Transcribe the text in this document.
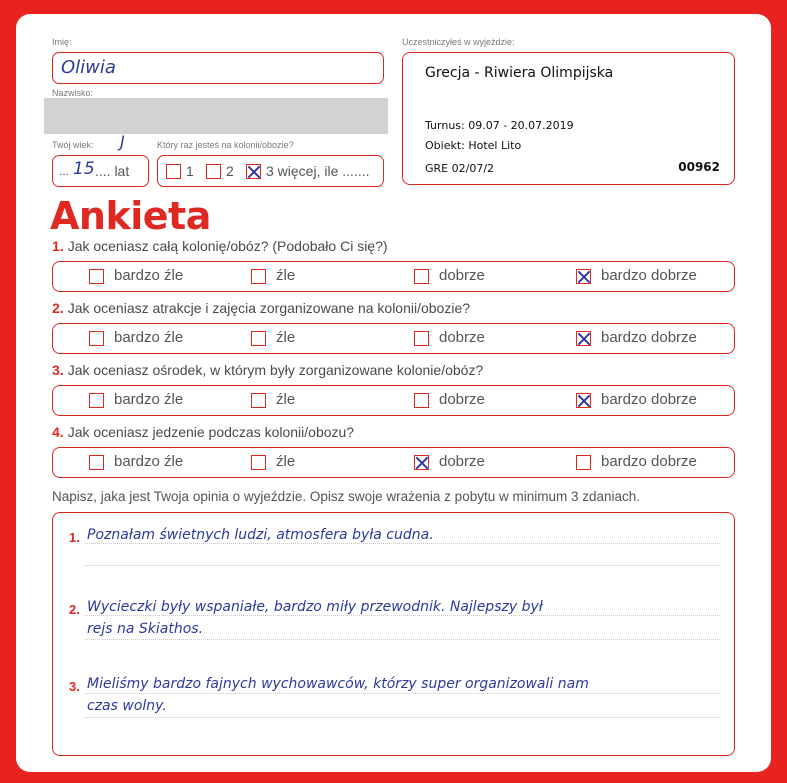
Imię:
Oliwia
Nazwisko:
Twój wiek: J
... 15 .... lat
Który raz jesteś na kolonii/obozie?
1 2 3 więcej, ile .......
Uczestniczyłeś w wyjeździe:
Grecja - Riwiera Olimpijska
Turnus: 09.07 - 20.07.2019
Obiekt: Hotel Lito
GRE 02/07/2	00962
Ankieta
1. Jak oceniasz całą kolonię/obóz? (Podobało Ci się?)
bardzo źle	źle	dobrze	bardzo dobrze
2. Jak oceniasz atrakcje i zajęcia zorganizowane na kolonii/obozie?
bardzo źle	źle	dobrze	bardzo dobrze
3. Jak oceniasz ośrodek, w którym były zorganizowane kolonie/obóz?
bardzo źle	źle	dobrze	bardzo dobrze
4. Jak oceniasz jedzenie podczas kolonii/obozu?
bardzo źle	źle	dobrze	bardzo dobrze
Napisz, jaka jest Twoja opinia o wyjeździe. Opisz swoje wrażenia z pobytu w minimum 3 zdaniach.
1. Poznałam świetnych ludzi, atmosfera była cudna.
2. Wycieczki były wspaniałe, bardzo miły przewodnik. Najlepszy był
rejs na Skiathos.
3. Mieliśmy bardzo fajnych wychowawców, którzy super organizowali nam
czas wolny.
